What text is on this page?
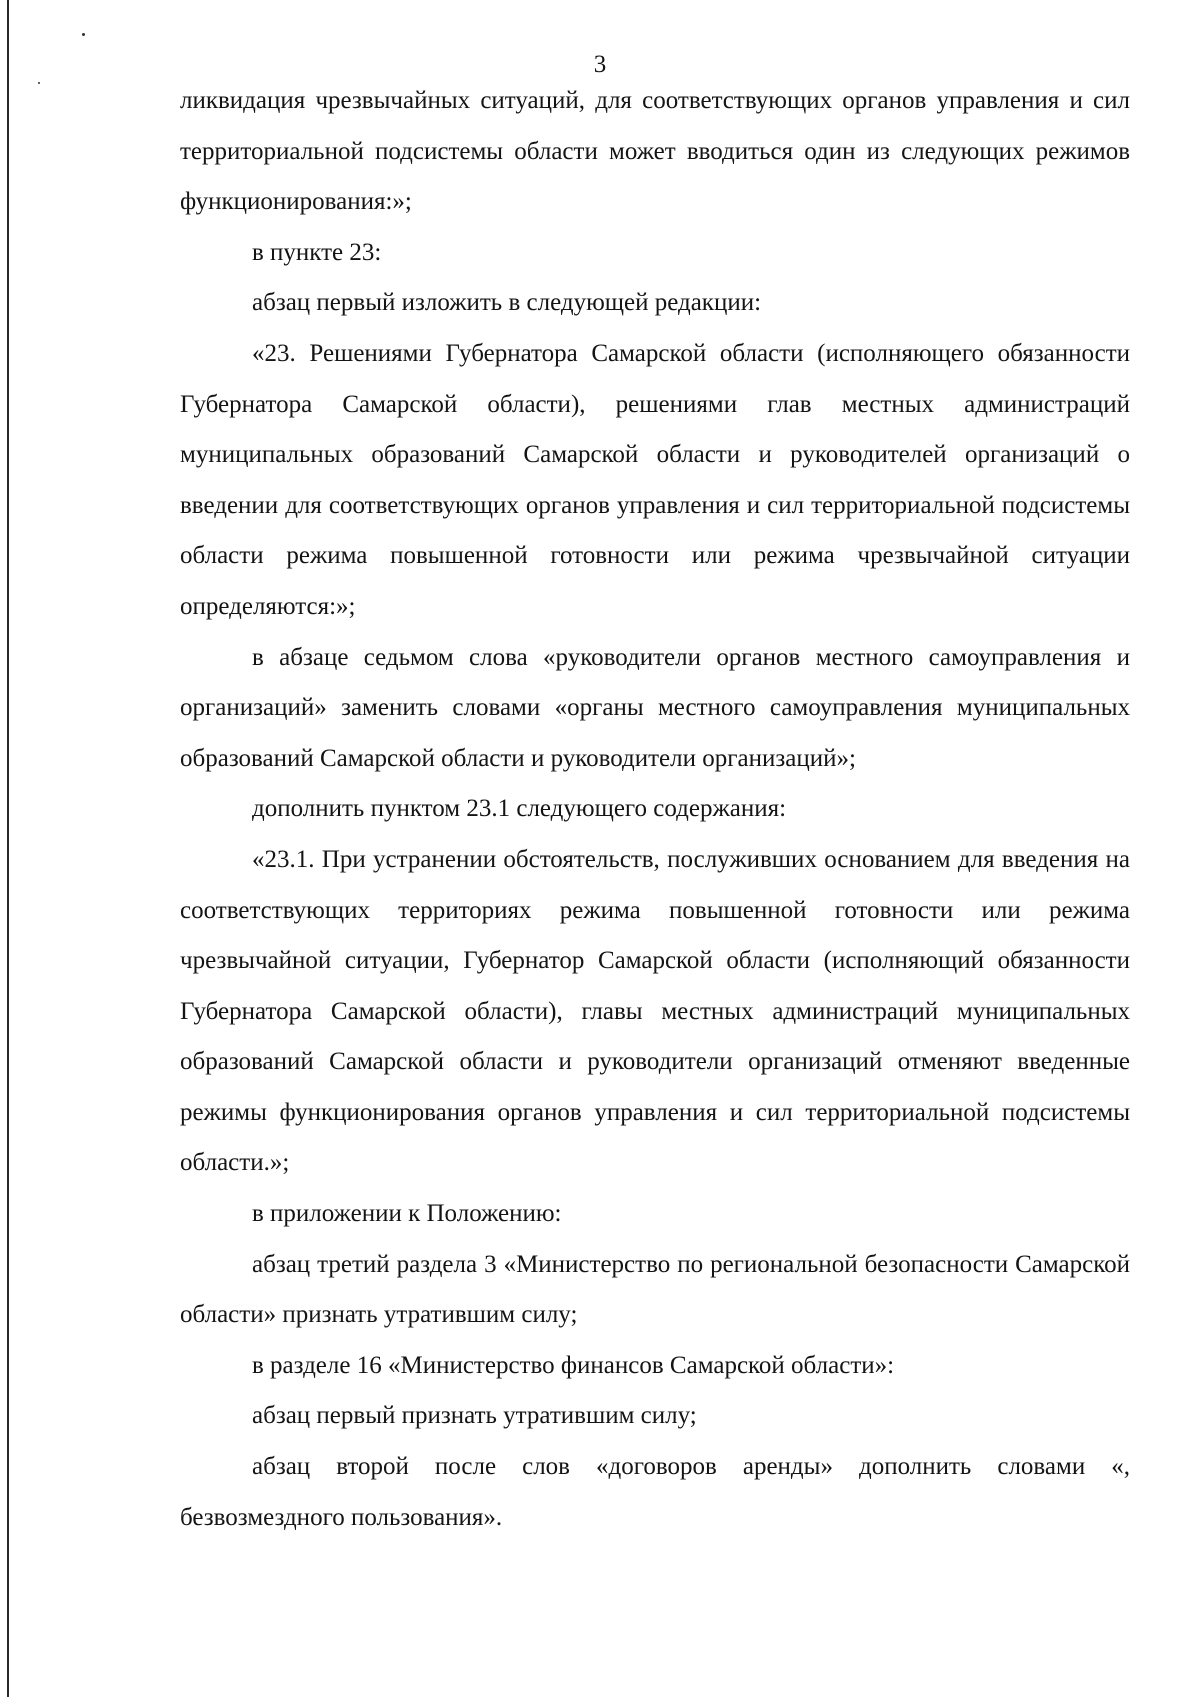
3

ликвидация чрезвычайных ситуаций, для соответствующих органов управления и сил территориальной подсистемы области может вводиться один из следующих режимов функционирования:»;

в пункте 23:

абзац первый изложить в следующей редакции:

«23. Решениями Губернатора Самарской области (исполняющего обязанности Губернатора Самарской области), решениями глав местных администраций муниципальных образований Самарской области и руководителей организаций о введении для соответствующих органов управления и сил территориальной подсистемы области режима повышенной готовности или режима чрезвычайной ситуации определяются:»;

в абзаце седьмом слова «руководители органов местного самоуправления и организаций» заменить словами «органы местного самоуправления муниципальных образований Самарской области и руководители организаций»;

дополнить пунктом 23.1 следующего содержания:

«23.1. При устранении обстоятельств, послуживших основанием для введения на соответствующих территориях режима повышенной готовности или режима чрезвычайной ситуации, Губернатор Самарской области (исполняющий обязанности Губернатора Самарской области), главы местных администраций муниципальных образований Самарской области и руководители организаций отменяют введенные режимы функционирования органов управления и сил территориальной подсистемы области.»;

в приложении к Положению:

абзац третий раздела 3 «Министерство по региональной безопасности Самарской области» признать утратившим силу;

в разделе 16 «Министерство финансов Самарской области»:

абзац первый признать утратившим силу;

абзац второй после слов «договоров аренды» дополнить словами «, безвозмездного пользования».
